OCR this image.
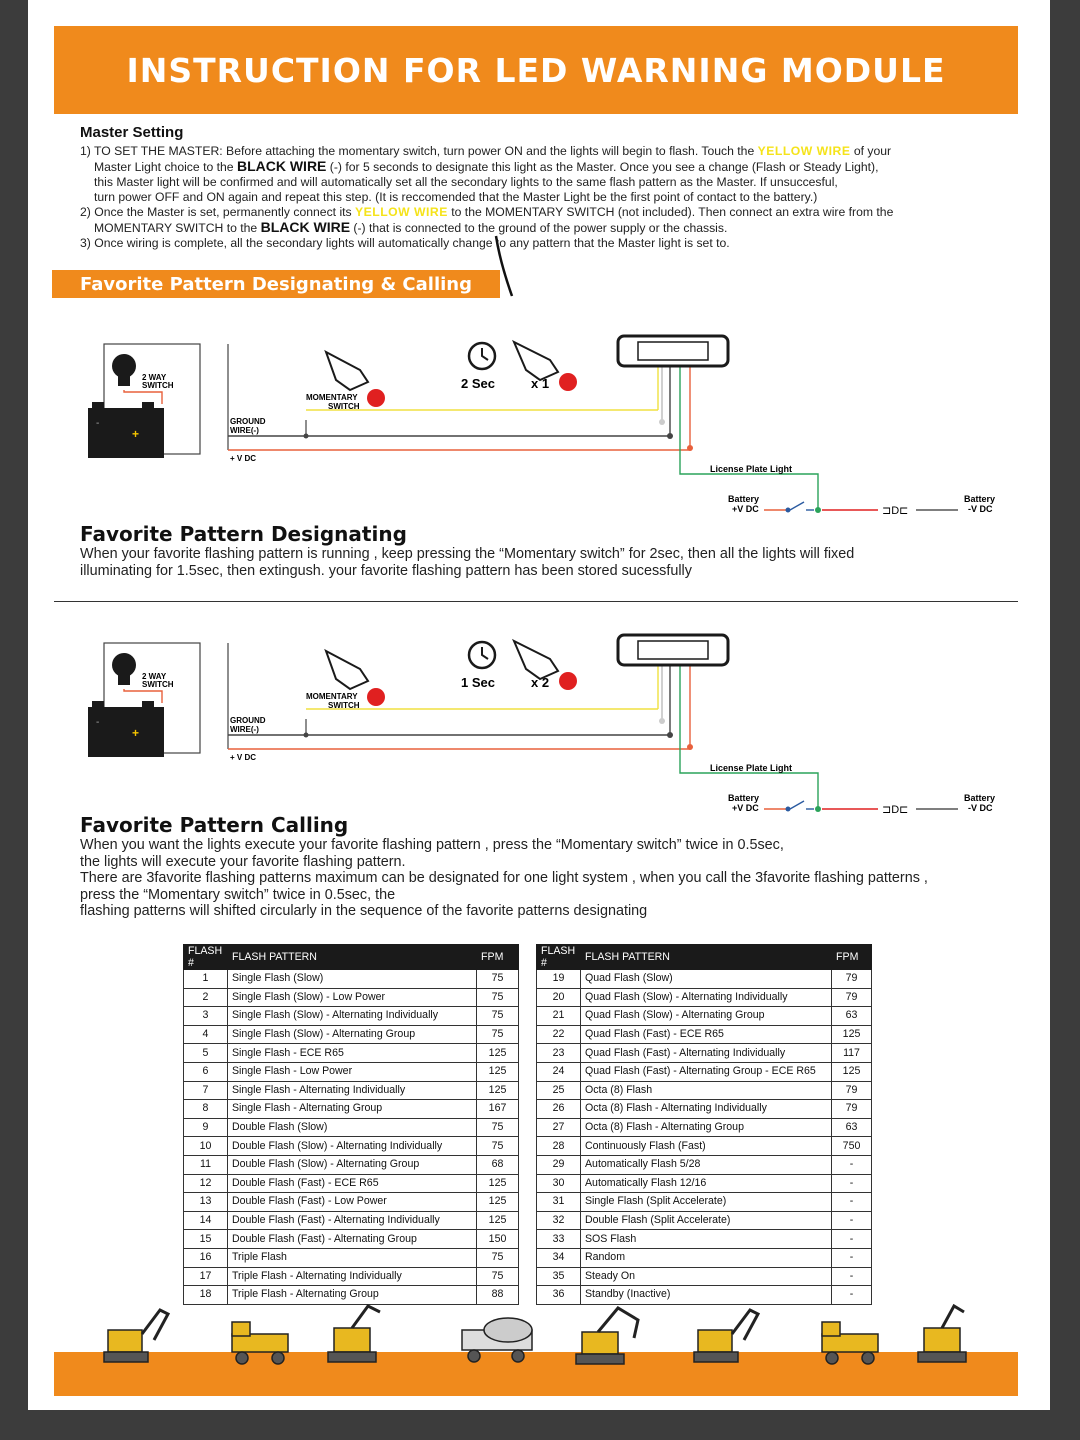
INSTRUCTION FOR LED WARNING MODULE
Master Setting

1) TO SET THE MASTER: Before attaching the momentary switch, turn power ON and the lights will begin to flash. Touch the YELLOW WIRE of your

Master Light choice to the BLACK WIRE (-) for 5 seconds to designate this light as the Master. Once you see a change (Flash or Steady Light),

this Master light will be confirmed and will automatically set all the secondary lights to the same flash pattern as the Master. If unsuccesful,

turn power OFF and ON again and repeat this step. (It is reccomended that the Master Light be the first point of contact to the battery.)

2) Once the Master is set, permanently connect its YELLOW WIRE to the MOMENTARY SWITCH (not included). Then connect an extra wire from the

MOMENTARY SWITCH to the BLACK WIRE (-) that is connected to the ground of the power supply or the chassis.

3) Once wiring is complete, all the secondary lights will automatically change to any pattern that the Master light is set to.

Favorite Pattern Designating & Calling
2 WAY
SWITCH
+
-	GROUND
WIRE(-)
+ V DC
MOMENTARY
SWITCH
2 Sec	x 1
License Plate Light
Battery
+V DC	⊐D⊏
Battery
-V DC
Favorite Pattern Designating

When your favorite flashing pattern is running , keep pressing the “Momentary switch” for 2sec, then all the lights will fixed

illuminating for 1.5sec, then extingush. your favorite flashing pattern has been stored sucessfully

2 WAY
SWITCH
+
-	GROUND
WIRE(-)
+ V DC
MOMENTARY
SWITCH
1 Sec	x 2
License Plate Light
Battery
+V DC	⊐D⊏
Battery
-V DC
Favorite Pattern Calling

When you want the lights execute your favorite flashing pattern , press the “Momentary switch” twice in 0.5sec,

the lights will execute your favorite flashing pattern.

There are 3favorite flashing patterns maximum can be designated for one light system , when you call the 3favorite flashing patterns ,

press the “Momentary switch” twice in 0.5sec, the

flashing patterns will shifted circularly in the sequence of the favorite patterns designating

FLASH #	FLASH PATTERN	FPM
1	Single Flash (Slow)	75
2	Single Flash (Slow) - Low Power	75
3	Single Flash (Slow) - Alternating Individually	75
4	Single Flash (Slow) - Alternating Group	75
5	Single Flash - ECE R65	125
6	Single Flash - Low Power	125
7	Single Flash - Alternating Individually	125
8	Single Flash - Alternating Group	167
9	Double Flash (Slow)	75
10	Double Flash (Slow) - Alternating Individually	75
11	Double Flash (Slow) - Alternating Group	68
12	Double Flash (Fast) - ECE R65	125
13	Double Flash (Fast) - Low Power	125
14	Double Flash (Fast) - Alternating Individually	125
15	Double Flash (Fast) - Alternating Group	150
16	Triple Flash	75
17	Triple Flash - Alternating Individually	75
18	Triple Flash - Alternating Group	88
FLASH #	FLASH PATTERN	FPM
19	Quad Flash (Slow)	79
20	Quad Flash (Slow) - Alternating Individually	79
21	Quad Flash (Slow) - Alternating Group	63
22	Quad Flash (Fast) - ECE R65	125
23	Quad Flash (Fast) - Alternating Individually	117
24	Quad Flash (Fast) - Alternating Group - ECE R65	125
25	Octa (8) Flash	79
26	Octa (8) Flash - Alternating Individually	79
27	Octa (8) Flash - Alternating Group	63
28	Continuously Flash (Fast)	750
29	Automatically Flash 5/28	-
30	Automatically Flash 12/16	-
31	Single Flash (Split Accelerate)	-
32	Double Flash (Split Accelerate)	-
33	SOS Flash	-
34	Random	-
35	Steady On	-
36	Standby (Inactive)	-
